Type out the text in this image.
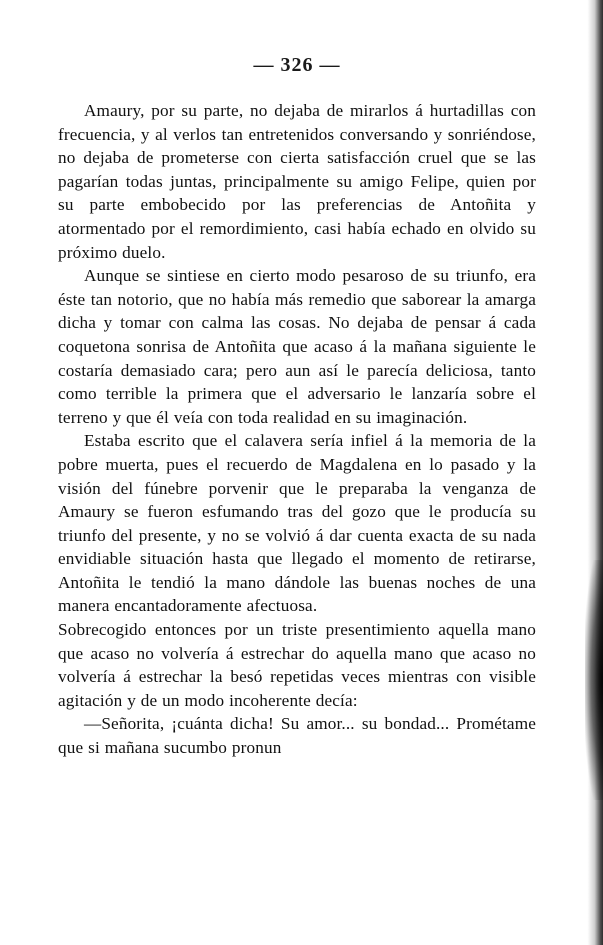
— 326 —

Amaury, por su parte, no dejaba de mirarlos á hurtadillas con frecuencia, y al verlos tan entretenidos conversando y sonriéndose, no dejaba de prometerse con cierta satisfacción cruel que se las pagarían todas juntas, principalmente su amigo Felipe, quien por su parte embobecido por las preferencias de Antoñita y atormentado por el remordimiento, casi había echado en olvido su próximo duelo.

Aunque se sintiese en cierto modo pesaroso de su triunfo, era éste tan notorio, que no había más remedio que saborear la amarga dicha y tomar con calma las cosas. No dejaba de pensar á cada coquetona sonrisa de Antoñita que acaso á la mañana siguiente le costaría demasiado cara; pero aun así le parecía deliciosa, tanto como terrible la primera que el adversario le lanzaría sobre el terreno y que él veía con toda realidad en su imaginación.

Estaba escrito que el calavera sería infiel á la memoria de la pobre muerta, pues el recuerdo de Magdalena en lo pasado y la visión del fúnebre porvenir que le preparaba la venganza de Amaury se fueron esfumando tras del gozo que le producía su triunfo del presente, y no se volvió á dar cuenta exacta de su nada envidiable situación hasta que llegado el momento de retirarse, Antoñita le tendió la mano dándole las buenas noches de una manera encantadoramente afectuosa.

Sobrecogido entonces por un triste presentimiento aquella mano que acaso no volvería á estrechar do aquella mano que acaso no volvería á estrechar la besó repetidas veces mientras con visible agitación y de un modo incoherente decía:

—Señorita, ¡cuánta dicha! Su amor... su bondad... Prométame que si mañana sucumbo pronun
